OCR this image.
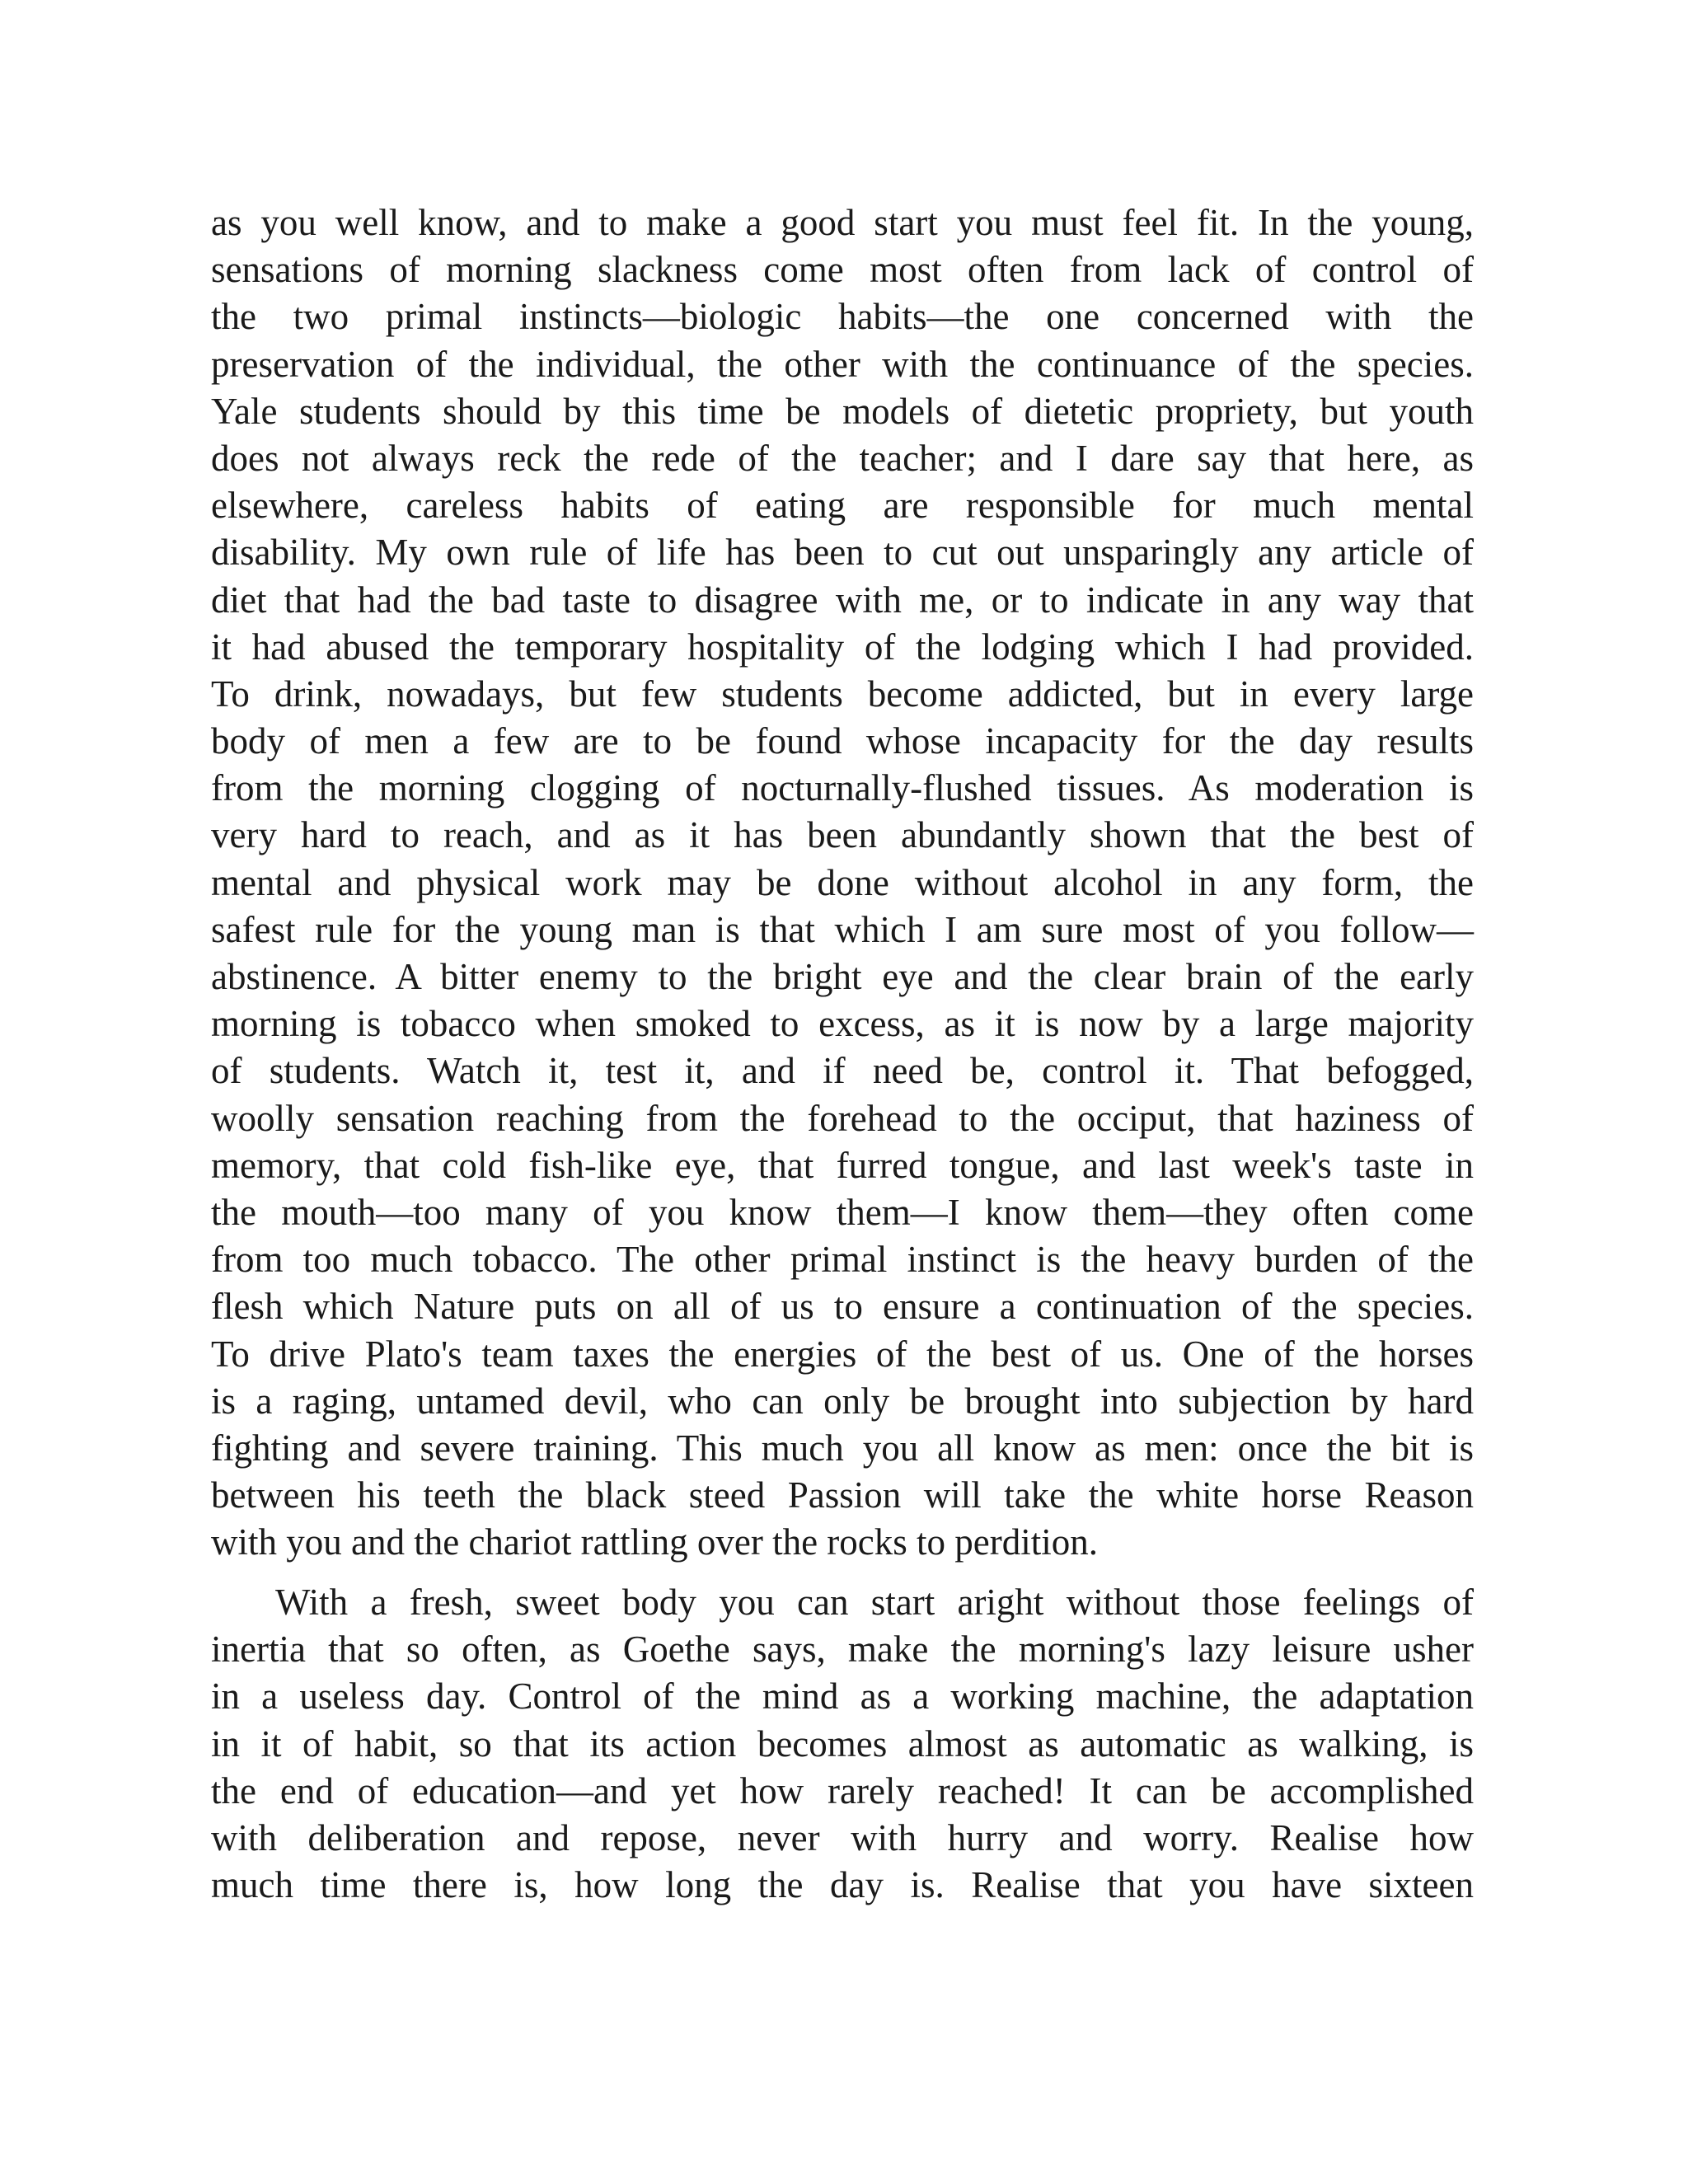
as you well know, and to make a good start you must feel fit. In the young,
sensations of morning slackness come most often from lack of control of
the two primal instincts—biologic habits—the one concerned with the
preservation of the individual, the other with the continuance of the species.
Yale students should by this time be models of dietetic propriety, but youth
does not always reck the rede of the teacher; and I dare say that here, as
elsewhere, careless habits of eating are responsible for much mental
disability. My own rule of life has been to cut out unsparingly any article of
diet that had the bad taste to disagree with me, or to indicate in any way that
it had abused the temporary hospitality of the lodging which I had provided.
To drink, nowadays, but few students become addicted, but in every large
body of men a few are to be found whose incapacity for the day results
from the morning clogging of nocturnally-flushed tissues. As moderation is
very hard to reach, and as it has been abundantly shown that the best of
mental and physical work may be done without alcohol in any form, the
safest rule for the young man is that which I am sure most of you follow—
abstinence. A bitter enemy to the bright eye and the clear brain of the early
morning is tobacco when smoked to excess, as it is now by a large majority
of students. Watch it, test it, and if need be, control it. That befogged,
woolly sensation reaching from the forehead to the occiput, that haziness of
memory, that cold fish-like eye, that furred tongue, and last week's taste in
the mouth—too many of you know them—I know them—they often come
from too much tobacco. The other primal instinct is the heavy burden of the
flesh which Nature puts on all of us to ensure a continuation of the species.
To drive Plato's team taxes the energies of the best of us. One of the horses
is a raging, untamed devil, who can only be brought into subjection by hard
fighting and severe training. This much you all know as men: once the bit is
between his teeth the black steed Passion will take the white horse Reason
with you and the chariot rattling over the rocks to perdition.
With a fresh, sweet body you can start aright without those feelings of
inertia that so often, as Goethe says, make the morning's lazy leisure usher
in a useless day. Control of the mind as a working machine, the adaptation
in it of habit, so that its action becomes almost as automatic as walking, is
the end of education—and yet how rarely reached! It can be accomplished
with deliberation and repose, never with hurry and worry. Realise how
much time there is, how long the day is. Realise that you have sixteen
